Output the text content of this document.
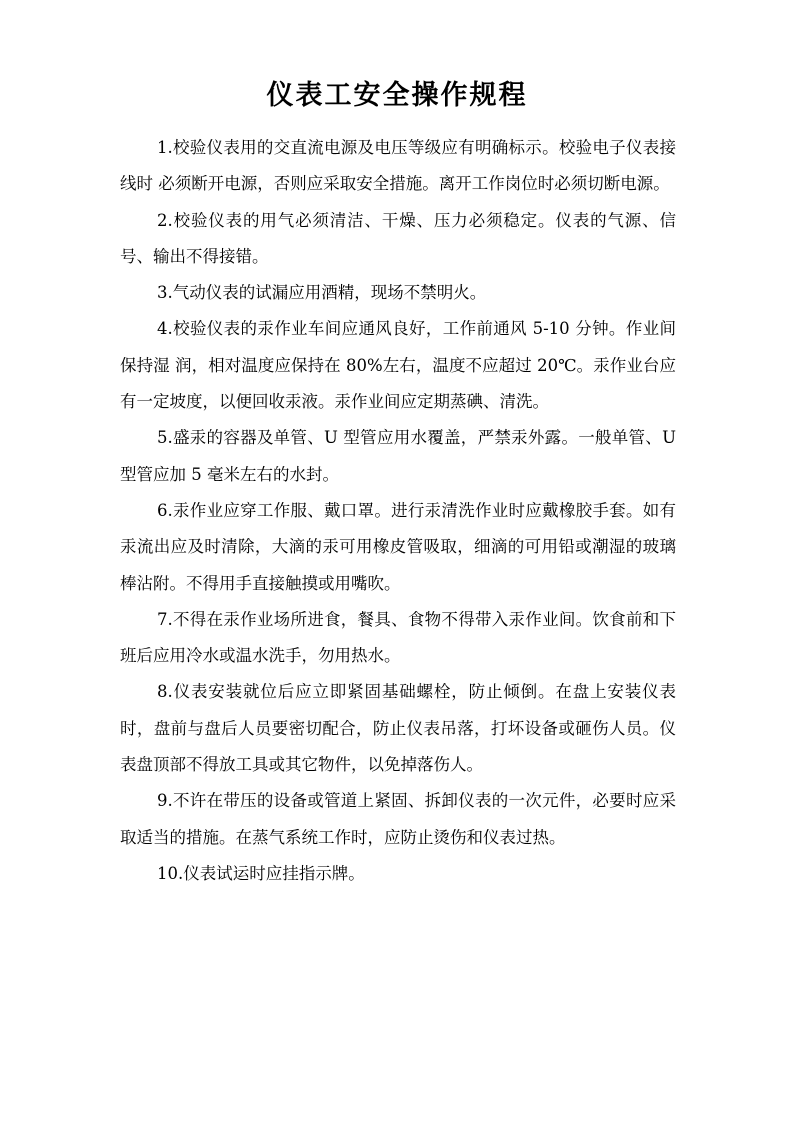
仪表工安全操作规程

1.校验仪表用的交直流电源及电压等级应有明确标示。校验电子仪表接线时 必须断开电源，否则应采取安全措施。离开工作岗位时必须切断电源。

2.校验仪表的用气必须清洁、干燥、压力必须稳定。仪表的气源、信号、输出不得接错。

3.气动仪表的试漏应用酒精，现场不禁明火。

4.校验仪表的汞作业车间应通风良好，工作前通风 5-10 分钟。作业间保持湿 润，相对温度应保持在 80%左右，温度不应超过 20℃。汞作业台应有一定坡度，以便回收汞液。汞作业间应定期蒸碘、清洗。

5.盛汞的容器及单管、U 型管应用水覆盖，严禁汞外露。一般单管、U 型管应加 5 毫米左右的水封。

6.汞作业应穿工作服、戴口罩。进行汞清洗作业时应戴橡胶手套。如有汞流出应及时清除，大滴的汞可用橡皮管吸取，细滴的可用铅或潮湿的玻璃棒沾附。不得用手直接触摸或用嘴吹。

7.不得在汞作业场所进食，餐具、食物不得带入汞作业间。饮食前和下班后应用冷水或温水洗手，勿用热水。

8.仪表安装就位后应立即紧固基础螺栓，防止倾倒。在盘上安装仪表时，盘前与盘后人员要密切配合，防止仪表吊落，打坏设备或砸伤人员。仪表盘顶部不得放工具或其它物件，以免掉落伤人。

9.不许在带压的设备或管道上紧固、拆卸仪表的一次元件，必要时应采取适当的措施。在蒸气系统工作时，应防止烫伤和仪表过热。

10.仪表试运时应挂指示牌。
